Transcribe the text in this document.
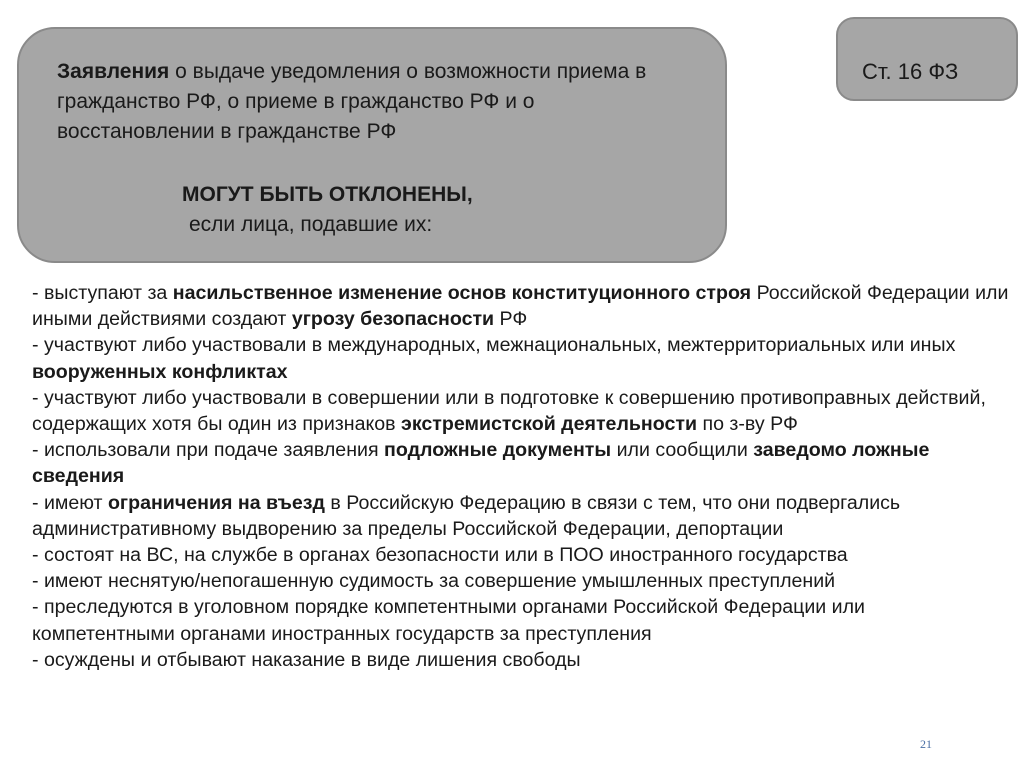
Заявления о выдаче уведомления о возможности приема в гражданство РФ, о приеме в гражданство РФ и о восстановлении в гражданстве РФ
МОГУТ БЫТЬ ОТКЛОНЕНЫ,
если лица, подавшие их:
Ст. 16 ФЗ
- выступают за насильственное изменение основ конституционного строя Российской Федерации или иными действиями создают угрозу безопасности РФ
- участвуют либо участвовали в международных, межнациональных, межтерриториальных или иных вооруженных конфликтах
- участвуют либо участвовали в совершении или в подготовке к совершению противоправных действий, содержащих хотя бы один из признаков экстремистской деятельности по з-ву РФ
- использовали при подаче заявления подложные документы или сообщили заведомо ложные сведения
- имеют ограничения на въезд в Российскую Федерацию в связи с тем, что они подвергались административному выдворению за пределы Российской Федерации, депортации
- состоят на ВС, на службе в органах безопасности или в ПОО иностранного государства
- имеют неснятую/непогашенную судимость за совершение умышленных преступлений
- преследуются в уголовном порядке компетентными органами Российской Федерации или компетентными органами иностранных государств за преступления
- осуждены и отбывают наказание в виде лишения свободы
21
